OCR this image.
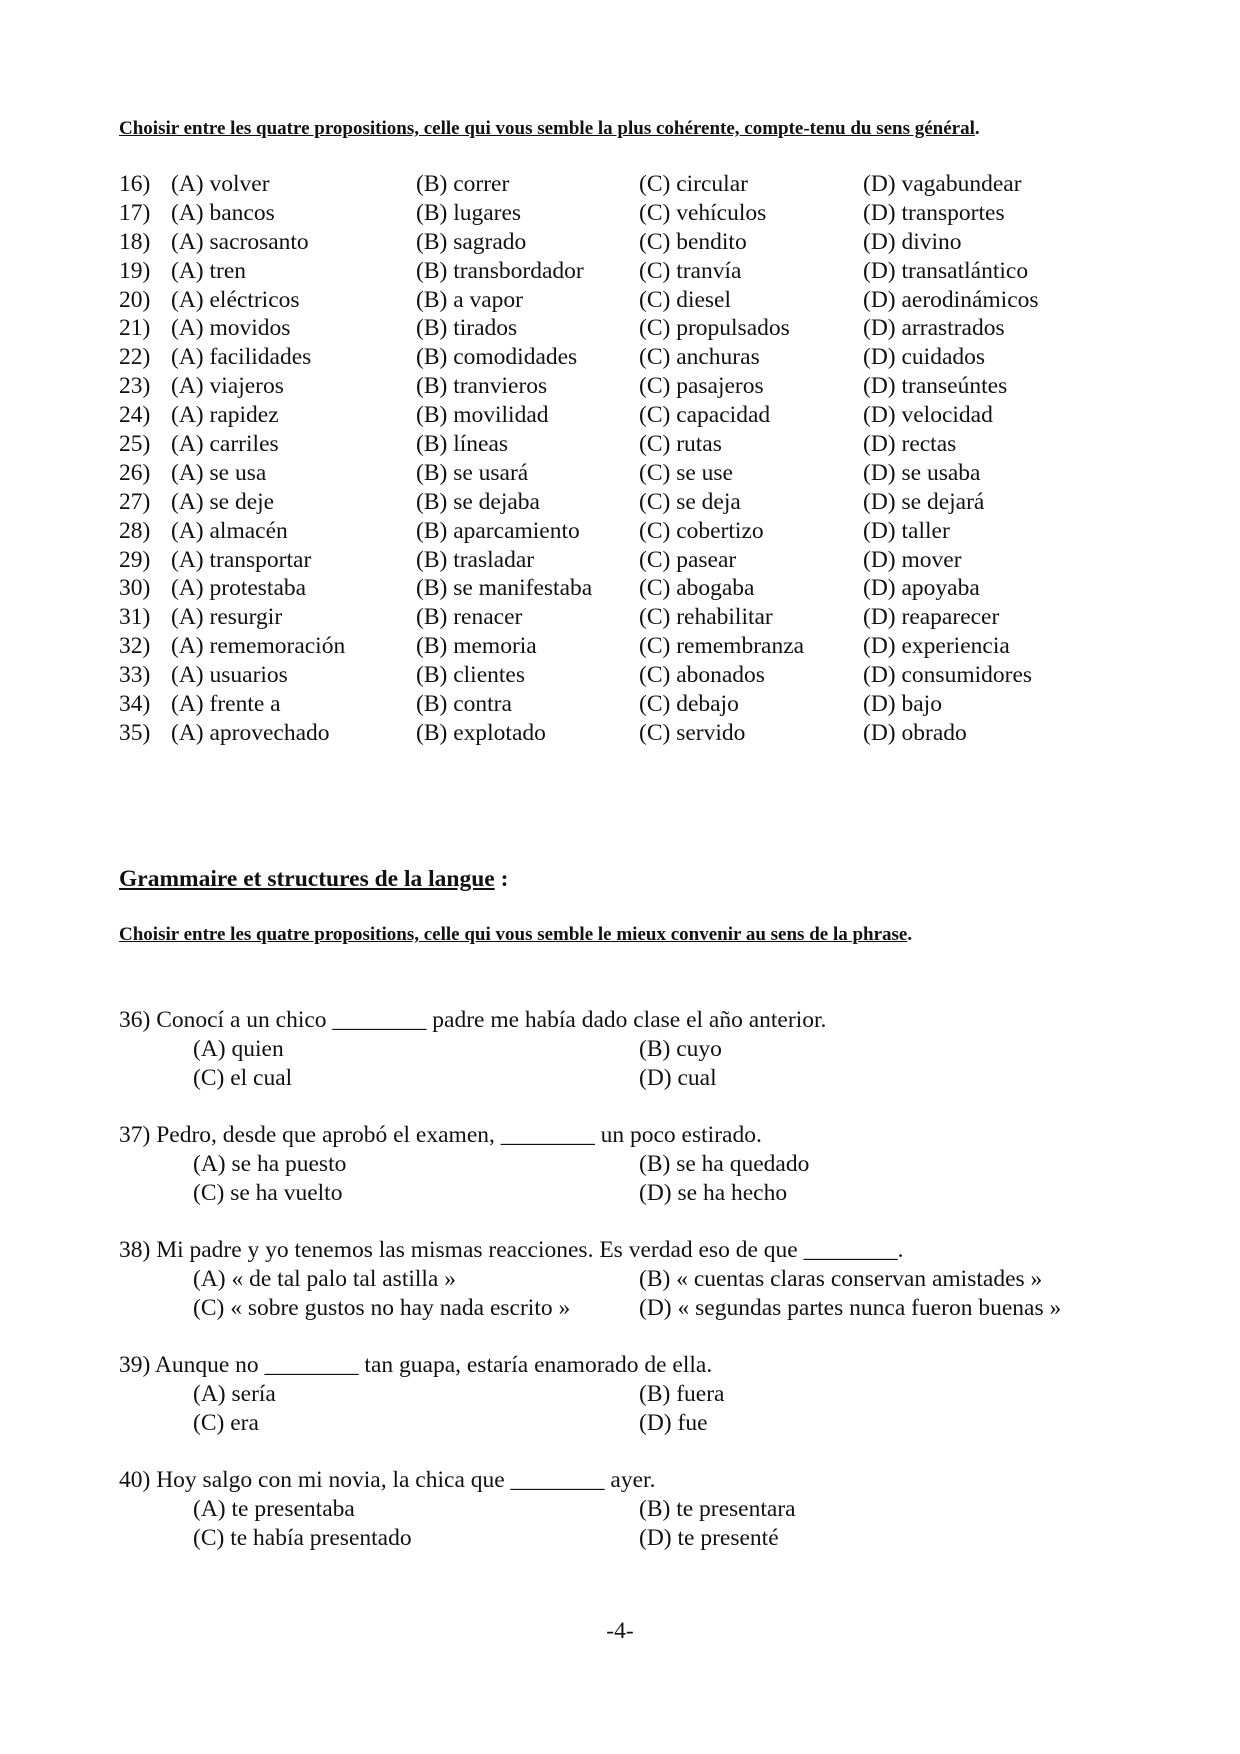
Choisir entre les quatre propositions, celle qui vous semble la plus cohérente, compte-tenu du sens général.
16) (A) volver	(B) correr	(C) circular	(D) vagabundear
17) (A) bancos	(B) lugares	(C) vehículos	(D) transportes
18) (A) sacrosanto	(B) sagrado	(C) bendito	(D) divino
19) (A) tren	(B) transbordador (C) tranvía	(D) transatlántico
20) (A) eléctricos	(B) a vapor	(C) diesel	(D) aerodinámicos
21) (A) movidos	(B) tirados	(C) propulsados	(D) arrastrados
22) (A) facilidades	(B) comodidades	(C) anchuras	(D) cuidados
23) (A) viajeros	(B) tranvieros	(C) pasajeros	(D) transeúntes
24) (A) rapidez	(B) movilidad	(C) capacidad	(D) velocidad
25) (A) carriles	(B) líneas	(C) rutas	(D) rectas
26) (A) se usa	(B) se usará	(C) se use	(D) se usaba
27) (A) se deje	(B) se dejaba	(C) se deja	(D) se dejará
28) (A) almacén	(B) aparcamiento	(C) cobertizo	(D) taller
29) (A) transportar	(B) trasladar	(C) pasear	(D) mover
30) (A) protestaba	(B) se manifestaba (C) abogaba	(D) apoyaba
31) (A) resurgir	(B) renacer	(C) rehabilitar	(D) reaparecer
32) (A) rememoración	(B) memoria	(C) remembranza	(D) experiencia
33) (A) usuarios	(B) clientes	(C) abonados	(D) consumidores
34) (A) frente a	(B) contra	(C) debajo	(D) bajo
35) (A) aprovechado	(B) explotado	(C) servido	(D) obrado
Grammaire et structures de la langue :
Choisir entre les quatre propositions, celle qui vous semble le mieux convenir au sens de la phrase.
36) Conocí a un chico ________ padre me había dado clase el año anterior.
(A) quien	(B) cuyo
(C) el cual	(D) cual
37) Pedro, desde que aprobó el examen, ________ un poco estirado.
(A) se ha puesto	(B) se ha quedado
(C) se ha vuelto	(D) se ha hecho
38) Mi padre y yo tenemos las mismas reacciones. Es verdad eso de que ________.
(A) « de tal palo tal astilla »	(B) « cuentas claras conservan amistades »
(C) « sobre gustos no hay nada escrito »	(D) « segundas partes nunca fueron buenas »
39) Aunque no ________ tan guapa, estaría enamorado de ella.
(A) sería	(B) fuera
(C) era	(D) fue
40) Hoy salgo con mi novia, la chica que ________ ayer.
(A) te presentaba	(B) te presentara
(C) te había presentado	(D) te presenté
-4-
